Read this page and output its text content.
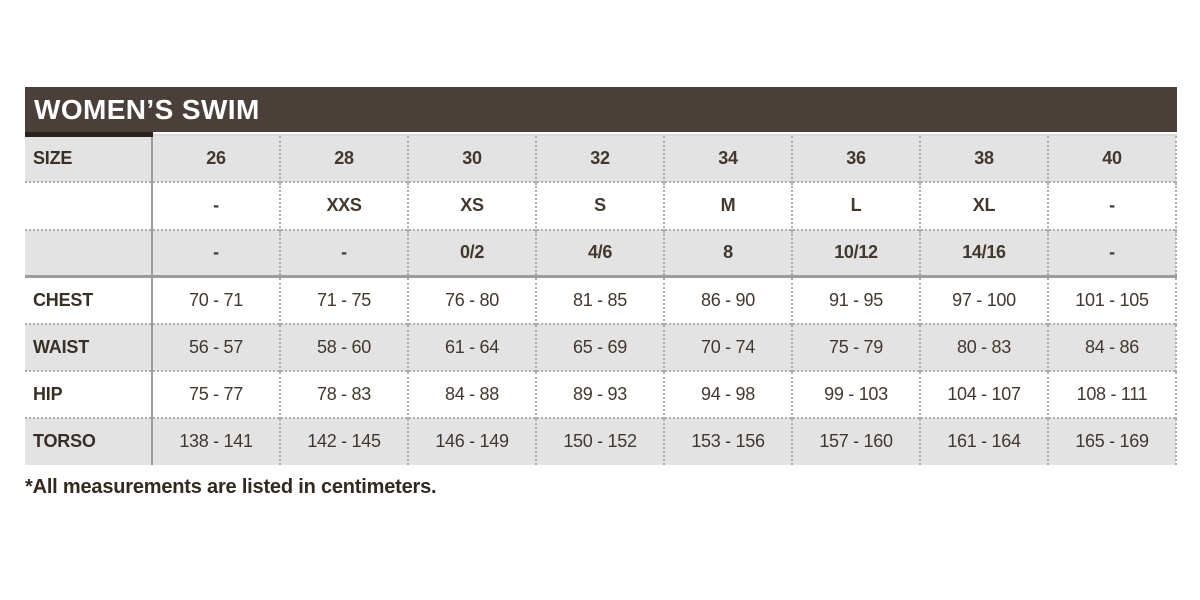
WOMEN’S SWIM
SIZE	26	28	30	32	34	36	38	40
	-	XXS	XS	S	M	L	XL	-
	-	-	0/2	4/6	8	10/12	14/16	-
CHEST	70 - 71	71 - 75	76 - 80	81 - 85	86 - 90	91 - 95	97 - 100	101 - 105
WAIST	56 - 57	58 - 60	61 - 64	65 - 69	70 - 74	75 - 79	80 - 83	84 - 86
HIP	75 - 77	78 - 83	84 - 88	89 - 93	94 - 98	99 - 103	104 - 107	108 - 111
TORSO	138 - 141	142 - 145	146 - 149	150 - 152	153 - 156	157 - 160	161 - 164	165 - 169

*All measurements are listed in centimeters.
